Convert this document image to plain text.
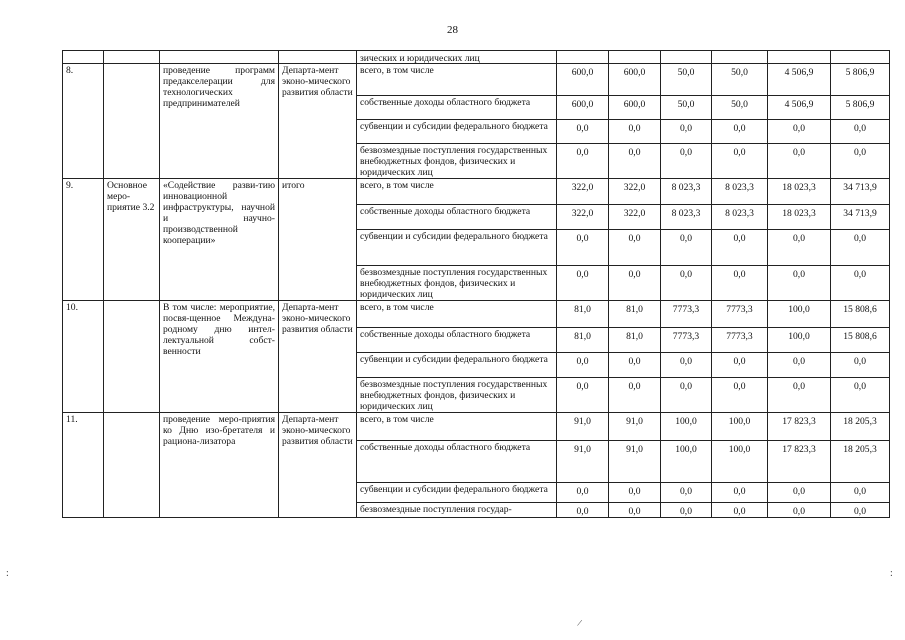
28
				зических и юридических лиц						
8.		проведение программ предакселерации для технологических предпринимателей	Департа-мент эконо-мического развития области	всего, в том числе	600,0	600,0	50,0	50,0	4 506,9	5 806,9
				собственные доходы областного бюджета	600,0	600,0	50,0	50,0	4 506,9	5 806,9
				субвенции и субсидии федерального бюджета	0,0	0,0	0,0	0,0	0,0	0,0
				безвозмездные поступления государственных внебюджетных фондов, физических и юридических лиц	0,0	0,0	0,0	0,0	0,0	0,0
9.	Основное меро-приятие 3.2	«Содействие разви-тию инновационной инфраструктуры, научной и научно-производственной кооперации»	итого	всего, в том числе	322,0	322,0	8 023,3	8 023,3	18 023,3	34 713,9
				собственные доходы областного бюджета	322,0	322,0	8 023,3	8 023,3	18 023,3	34 713,9
				субвенции и субсидии федерального бюджета	0,0	0,0	0,0	0,0	0,0	0,0
				безвозмездные поступления государственных внебюджетных фондов, физических и юридических лиц	0,0	0,0	0,0	0,0	0,0	0,0
10.		В том числе: мероприятие, посвя-щенное Междуна-родному дню интел-лектуальной собст-венности	Департа-мент эконо-мического развития области	всего, в том числе	81,0	81,0	7773,3	7773,3	100,0	15 808,6
				собственные доходы областного бюджета	81,0	81,0	7773,3	7773,3	100,0	15 808,6
				субвенции и субсидии федерального бюджета	0,0	0,0	0,0	0,0	0,0	0,0
				безвозмездные поступления государственных внебюджетных фондов, физических и юридических лиц	0,0	0,0	0,0	0,0	0,0	0,0
11.		проведение меро-приятия ко Дню изо-бретателя и рациона-лизатора	Департа-мент эконо-мического развития области	всего, в том числе	91,0	91,0	100,0	100,0	17 823,3	18 205,3
				собственные доходы областного бюджета	91,0	91,0	100,0	100,0	17 823,3	18 205,3
				субвенции и субсидии федерального бюджета	0,0	0,0	0,0	0,0	0,0	0,0
				безвозмездные поступления государ-	0,0	0,0	0,0	0,0	0,0	0,0
/
:	:
